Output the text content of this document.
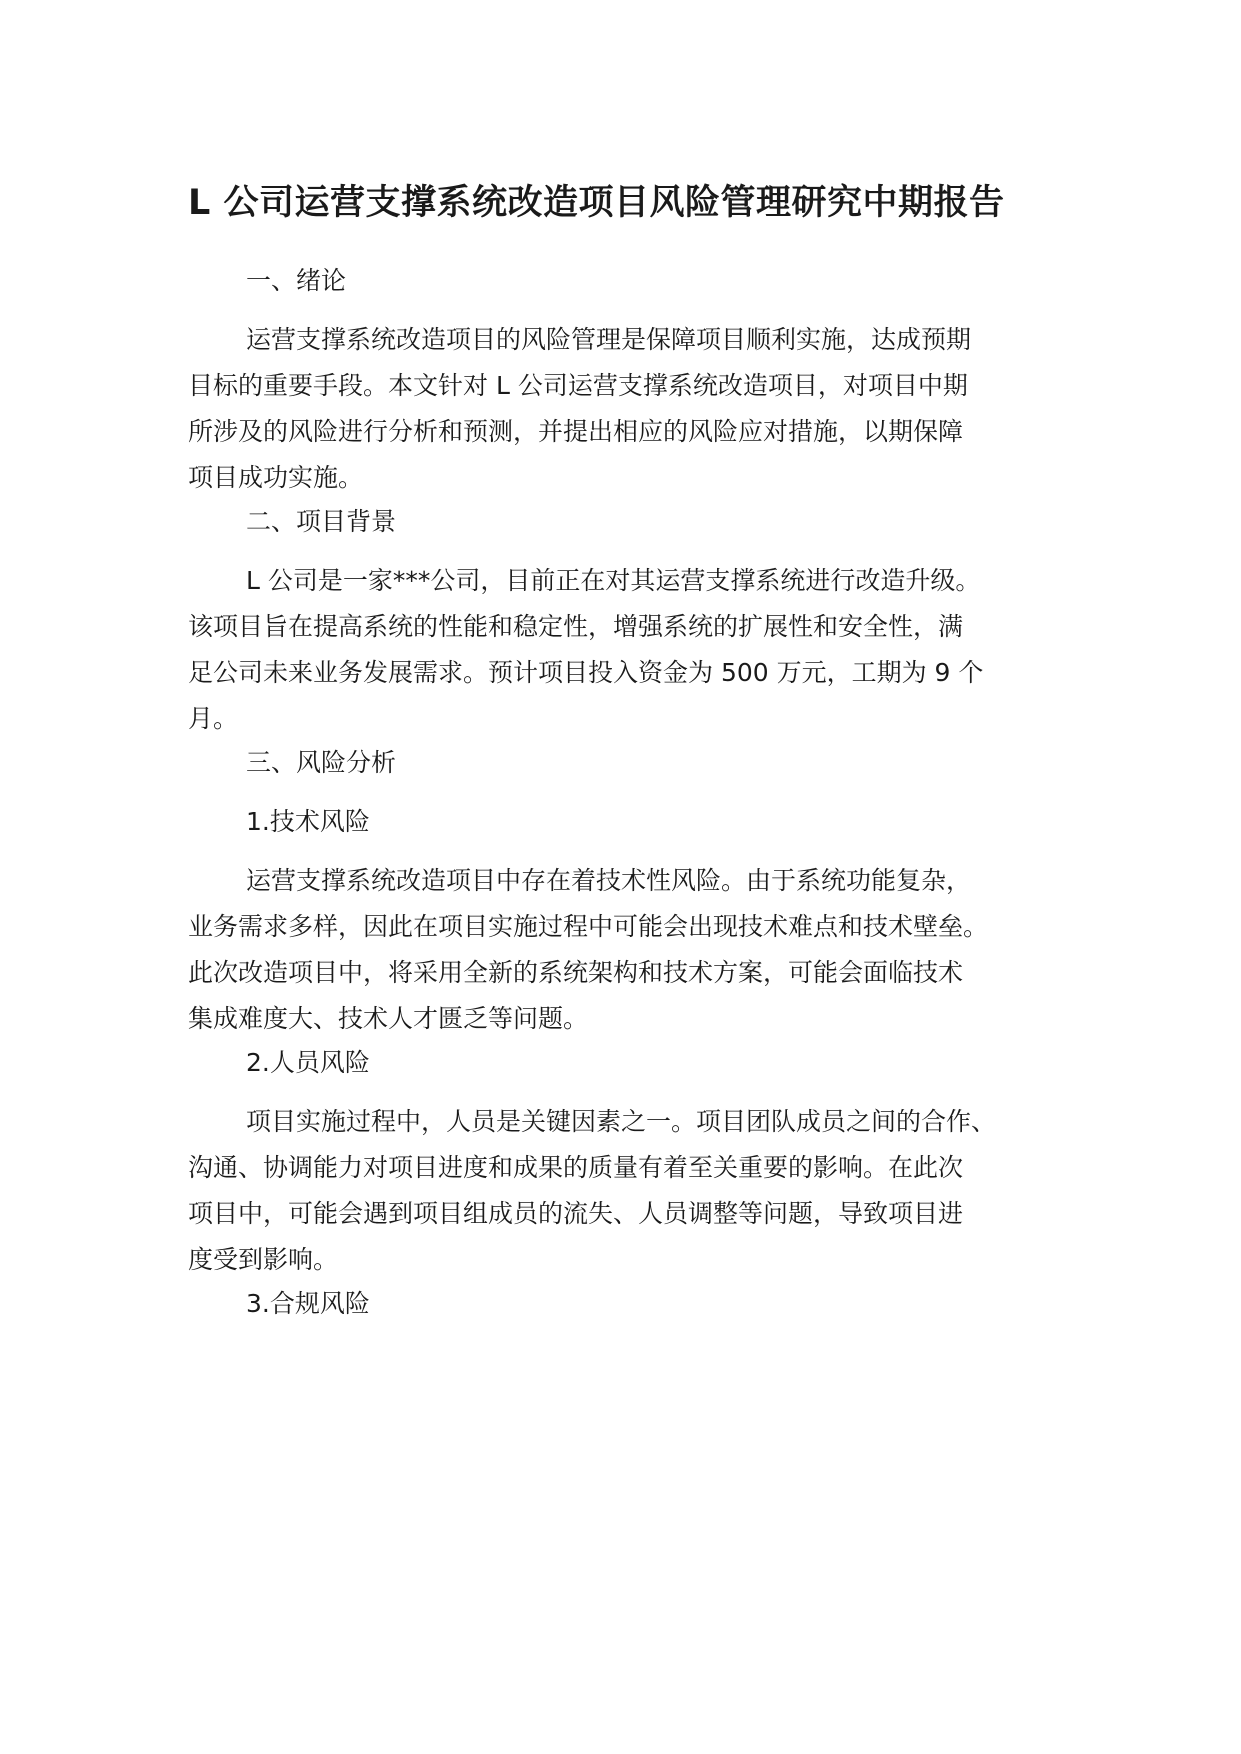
L 公司运营支撑系统改造项目风险管理研究中期报告
一、绪论
运营支撑系统改造项目的风险管理是保障项目顺利实施，达成预期
目标的重要手段。本文针对 L 公司运营支撑系统改造项目，对项目中期
所涉及的风险进行分析和预测，并提出相应的风险应对措施，以期保障
项目成功实施。
二、项目背景
L 公司是一家***公司，目前正在对其运营支撑系统进行改造升级。
该项目旨在提高系统的性能和稳定性，增强系统的扩展性和安全性，满
足公司未来业务发展需求。预计项目投入资金为 500 万元，工期为 9 个
月。
三、风险分析
1.技术风险
运营支撑系统改造项目中存在着技术性风险。由于系统功能复杂，
业务需求多样，因此在项目实施过程中可能会出现技术难点和技术壁垒。
此次改造项目中，将采用全新的系统架构和技术方案，可能会面临技术
集成难度大、技术人才匮乏等问题。
2.人员风险
项目实施过程中，人员是关键因素之一。项目团队成员之间的合作、
沟通、协调能力对项目进度和成果的质量有着至关重要的影响。在此次
项目中，可能会遇到项目组成员的流失、人员调整等问题，导致项目进
度受到影响。
3.合规风险
